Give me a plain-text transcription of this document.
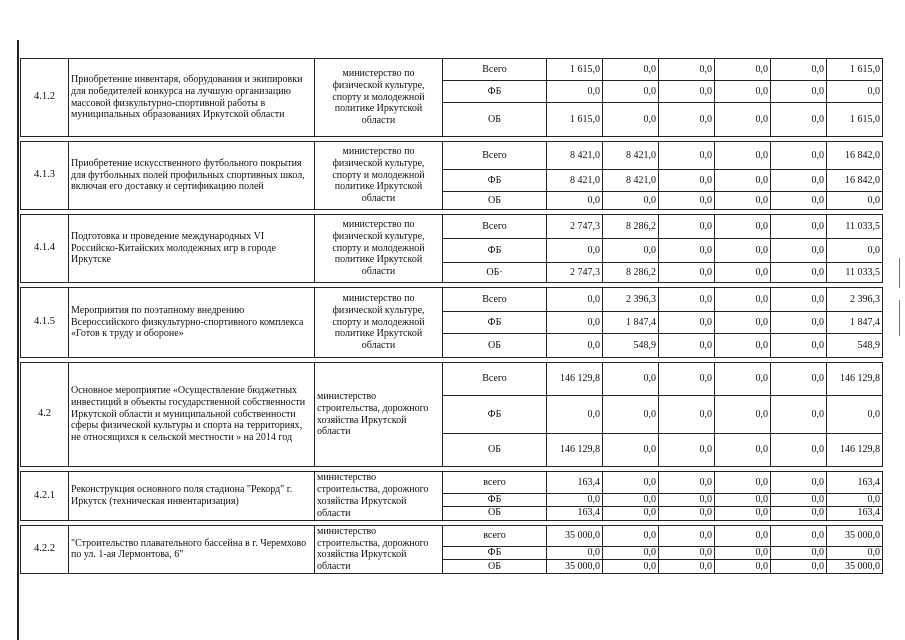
4.1.2	Приобретение инвентаря, оборудования и экипировки для победителей конкурса на лучшую организацию массовой физкультурно-спортивной работы в муниципальных образованиях Иркутской области	министерство по физической культуре, спорту и молодежной политике Иркутской области	Всего	1 615,0	0,0	0,0	0,0	0,0	1 615,0
			ФБ	0,0	0,0	0,0	0,0	0,0	0,0
			ОБ	1 615,0	0,0	0,0	0,0	0,0	1 615,0

4.1.3	Приобретение искусственного футбольного покрытия для футбольных полей профильных спортивных школ, включая его доставку и сертификацию полей	министерство по физической культуре, спорту и молодежной политике Иркутской области	Всего	8 421,0	8 421,0	0,0	0,0	0,0	16 842,0
			ФБ	8 421,0	8 421,0	0,0	0,0	0,0	16 842,0
			ОБ	0,0	0,0	0,0	0,0	0,0	0,0

4.1.4	Подготовка и проведение международных VI Российско-Китайских молодежных игр в городе Иркутске	министерство по физической культуре, спорту и молодежной политике Иркутской области	Всего	2 747,3	8 286,2	0,0	0,0	0,0	11 033,5
			ФБ	0,0	0,0	0,0	0,0	0,0	0,0
			ОБ·	2 747,3	8 286,2	0,0	0,0	0,0	11 033,5

4.1.5	Мероприятия по поэтапному внедрению Всероссийского физкультурно-спортивного комплекса «Готов к труду и обороне»	министерство по физической культуре, спорту и молодежной политике Иркутской области	Всего	0,0	2 396,3	0,0	0,0	0,0	2 396,3
			ФБ	0,0	1 847,4	0,0	0,0	0,0	1 847,4
			ОБ	0,0	548,9	0,0	0,0	0,0	548,9

4.2	Основное мероприятие «Осуществление бюджетных инвестиций в объекты государственной собственности Иркутской области и муниципальной собственности сферы физической культуры и спорта на территориях, не относящихся к сельской местности » на 2014 год	министерство строительства, дорожного хозяйства Иркутской области	Всего	146 129,8	0,0	0,0	0,0	0,0	146 129,8
			ФБ	0,0	0,0	0,0	0,0	0,0	0,0
			ОБ	146 129,8	0,0	0,0	0,0	0,0	146 129,8

4.2.1	Реконструкция основного поля стадиона "Рекорд" г. Иркутск (техническая инвентаризация)	министерство строительства, дорожного хозяйства Иркутской области	всего	163,4	0,0	0,0	0,0	0,0	163,4
			ФБ	0,0	0,0	0,0	0,0	0,0	0,0
			ОБ	163,4	0,0	0,0	0,0	0,0	163,4

4.2.2	"Строительство плавательного бассейна в г. Черемхово по ул. 1-ая Лермонтова, 6"	министерство строительства, дорожного хозяйства Иркутской области	всего	35 000,0	0,0	0,0	0,0	0,0	35 000,0
			ФБ	0,0	0,0	0,0	0,0	0,0	0,0
			ОБ	35 000,0	0,0	0,0	0,0	0,0	35 000,0
